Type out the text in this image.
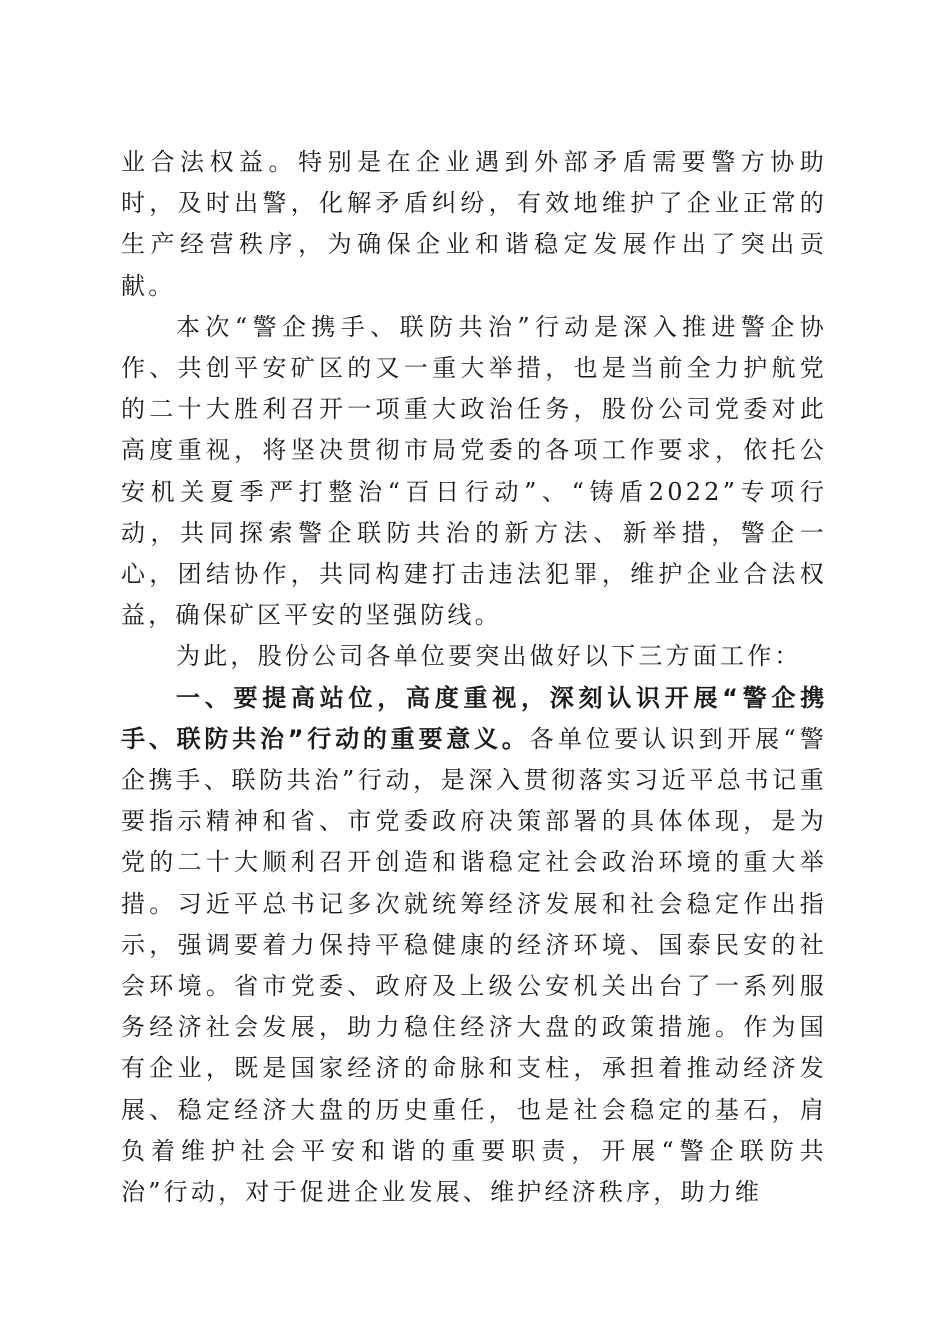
业合法权益。特别是在企业遇到外部矛盾需要警方协助时，及时出警，化解矛盾纠纷，有效地维护了企业正常的生产经营秩序，为确保企业和谐稳定发展作出了突出贡献。

本次“警企携手、联防共治”行动是深入推进警企协作、共创平安矿区的又一重大举措，也是当前全力护航党的二十大胜利召开一项重大政治任务，股份公司党委对此高度重视，将坚决贯彻市局党委的各项工作要求，依托公安机关夏季严打整治“百日行动”、“铸盾2022”专项行动，共同探索警企联防共治的新方法、新举措，警企一心，团结协作，共同构建打击违法犯罪，维护企业合法权益，确保矿区平安的坚强防线。

为此，股份公司各单位要突出做好以下三方面工作：

一、要提高站位，高度重视，深刻认识开展“警企携手、联防共治”行动的重要意义。各单位要认识到开展“警企携手、联防共治”行动，是深入贯彻落实习近平总书记重要指示精神和省、市党委政府决策部署的具体体现，是为党的二十大顺利召开创造和谐稳定社会政治环境的重大举措。习近平总书记多次就统筹经济发展和社会稳定作出指示，强调要着力保持平稳健康的经济环境、国泰民安的社会环境。省市党委、政府及上级公安机关出台了一系列服务经济社会发展，助力稳住经济大盘的政策措施。作为国有企业，既是国家经济的命脉和支柱，承担着推动经济发展、稳定经济大盘的历史重任，也是社会稳定的基石，肩负着维护社会平安和谐的重要职责，开展“警企联防共治”行动，对于促进企业发展、维护经济秩序，助力维
